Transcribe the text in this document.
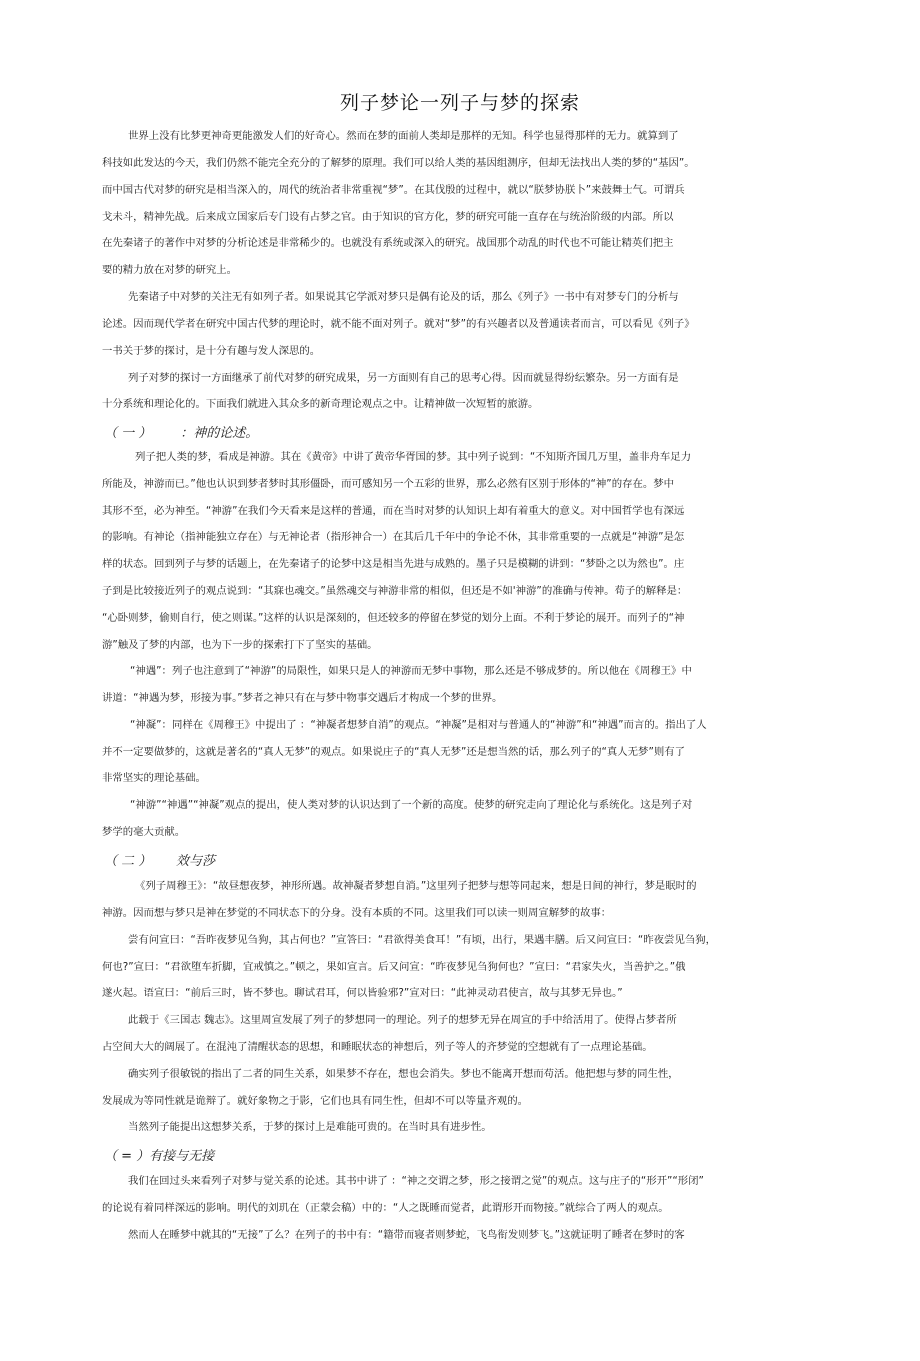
列子梦论一列子与梦的探索
世界上没有比梦更神奇更能激发人们的好奇心。然而在梦的面前人类却是那样的无知。科学也显得那样的无力。就算到了
科技如此发达的今天，我们仍然不能完全充分的了解梦的原理。我们可以给人类的基因组测序，但却无法找出人类的梦的“基因”。
而中国古代对梦的研究是相当深入的，周代的统治者非常重视“梦”。在其伐殷的过程中，就以“朕梦协朕卜”来鼓舞士气。可谓兵
戈未斗，精神先战。后来成立国家后专门设有占梦之官。由于知识的官方化，梦的研究可能一直存在与统治阶级的内部。所以
在先秦诸子的著作中对梦的分析论述是非常稀少的。也就没有系统或深入的研究。战国那个动乱的时代也不可能让精英们把主
要的精力放在对梦的研究上。
先秦诸子中对梦的关注无有如列子者。如果说其它学派对梦只是偶有论及的话，那么《列子》一书中有对梦专门的分析与
论述。因而现代学者在研究中国古代梦的理论时，就不能不面对列子。就对“梦”的有兴趣者以及普通读者而言，可以看见《列子》
一书关于梦的探讨，是十分有趣与发人深思的。
列子对梦的探讨一方面继承了前代对梦的研究成果，另一方面则有自己的思考心得。因而就显得纷纭繁杂。另一方面有是
十分系统和理论化的。下面我们就进入其众多的新奇理论观点之中。让精神做一次短暂的旅游。
（ 一 ）       ：神的论述。
列子把人类的梦，看成是神游。其在《黄帝》中讲了黄帝华胥国的梦。其中列子说到：“不知斯齐国几万里，盖非舟车足力
所能及，神游而已。”他也认识到梦者梦时其形僵卧，而可感知另一个五彩的世界，那么必然有区别于形体的“神”的存在。梦中
其形不至，必为神至。“神游”在我们今天看来是这样的普通，而在当时对梦的认知识上却有着重大的意义。对中国哲学也有深远
的影响。有神论（指神能独立存在）与无神论者（指形神合一）在其后几千年中的争论不休，其非常重要的一点就是“神游”是怎
样的状态。回到列子与梦的话题上，在先秦诸子的论梦中这是相当先进与成熟的。墨子只是模糊的讲到：“梦卧之以为然也”。庄
子到是比较接近列子的观点说到：“其寐也魂交。”虽然魂交与神游非常的相似，但还是不如'神游”的准确与传神。荀子的解释是：
“心卧则梦，偷则自行，使之则谋。”这样的认识是深刻的，但还较多的停留在梦觉的划分上面。不利于梦论的展开。而列子的“神
游”触及了梦的内部，也为下一步的探索打下了坚实的基础。
“神遇”：列子也注意到了“神游”的局限性，如果只是人的神游而无梦中事物，那么还是不够成梦的。所以他在《周穆王》中
讲道：“神遇为梦，形接为事。”梦者之神只有在与梦中物事交遇后才构成一个梦的世界。
“神凝”：同样在《周穆王》中提出了 ：“神凝者想梦自消”的观点。“神凝”是相对与普通人的“神游”和“神遇”而言的。指出了人
并不一定要做梦的，这就是著名的“真人无梦”的观点。如果说庄子的“真人无梦”还是想当然的话，那么列子的“真人无梦”则有了
非常坚实的理论基础。
“神游”“神遇”“神凝”观点的提出，使人类对梦的认识达到了一个新的高度。使梦的研究走向了理论化与系统化。这是列子对
梦学的毫大贡献。
（ 二 ）      效与莎
《列子周穆王》：“故昼想夜梦，神形所遇。故神凝者梦想自消。”这里列子把梦与想等同起来，想是日间的神行，梦是眠时的
神游。因而想与梦只是神在梦觉的不同状态下的分身。没有本质的不同。这里我们可以读一则周宣解梦的故事：
尝有问宣曰：“吾昨夜梦见刍狗，其占何也？”宣答曰：“君欲得美食耳！”有顷，出行，果遇丰膳。后又问宣曰：“昨夜尝见刍狗，
何也?”宣曰：“君欲堕车折脚，宜戒慎之。”顿之，果如宣言。后又问宣：“昨夜梦见刍狗何也？”宣曰：“君家失火，当善护之。”俄
遂火起。语宣曰：“前后三时，皆不梦也。聊试君耳，何以皆验邪?”宣对曰：“此神灵动君使言，故与其梦无异也。”
此载于《三国志 魏志》。这里周宣发展了列子的梦想同一的理论。列子的想梦无异在周宣的手中给活用了。使得占梦者所
占空间大大的阔展了。在混沌了清醒状态的思想，和睡眠状态的神想后，列子等人的齐梦觉的空想就有了一点理论基础。
确实列子很敏锐的指出了二者的同生关系，如果梦不存在，想也会消失。梦也不能离开想而苟活。他把想与梦的同生性，
发展成为等同性就是诡辩了。就好象物之于影，它们也具有同生性，但却不可以等量齐观的。
当然列子能提出这想梦关系，于梦的探讨上是难能可贵的。在当时具有进步性。
（ = ）有接与无接
我们在回过头来看列子对梦与觉关系的论述。其书中讲了 ：“神之交谓之梦，形之接谓之觉”的观点。这与庄子的“形开”“形闭”
的论说有着同样深远的影响。明代的刘玑在（正蒙会稿）中的：“人之既睡而觉者，此谓形开而物接。”就综合了两人的观点。
然而人在睡梦中就其的“无接”了么？在列子的书中有：“籍带而寝者则梦蛇，飞鸟衔发则梦飞。”这就证明了睡者在梦时的客
